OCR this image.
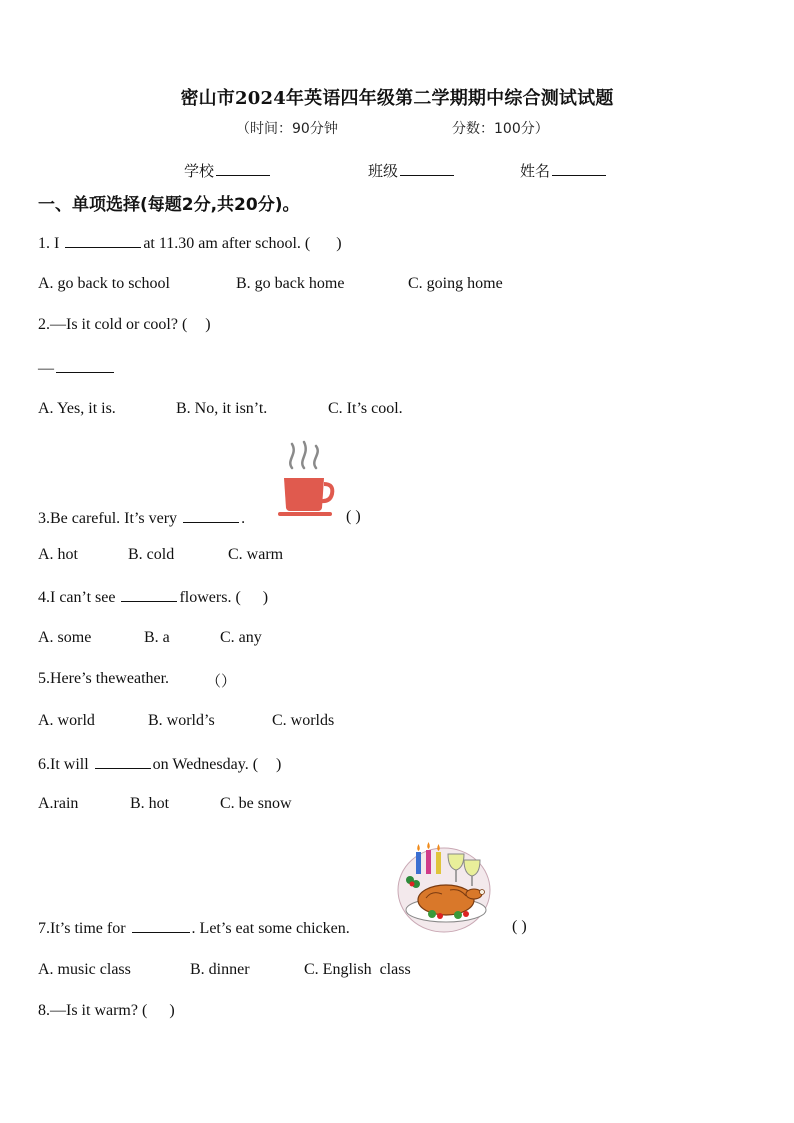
密山市2024年英语四年级第二学期期中综合测试试题
（时间：90分钟	分数：100分）
学校	班级	姓名
一、单项选择(每题2分,共20分)。
1. I	at 11.30 am after school. ( )
A. go back to school	B. go back home	C. going home
2.—Is it cold or cool? ( )
—
A. Yes, it is.	B. No, it isn’t.	C. It’s cool.
3.Be careful. It’s very	.	( )
A. hot	B. cold	C. warm
4.I can’t see	flowers. ( )
A. some	B. a	C. any
5.Here’s theweather. （）
A. world	B. world’s	C. worlds
6.It will	on Wednesday. ( )
A.rain	B. hot	C. be snow
7.It’s time for	. Let’s eat some chicken.	( )
A. music class	B. dinner	C. English  class
8.—Is it warm? ( )
